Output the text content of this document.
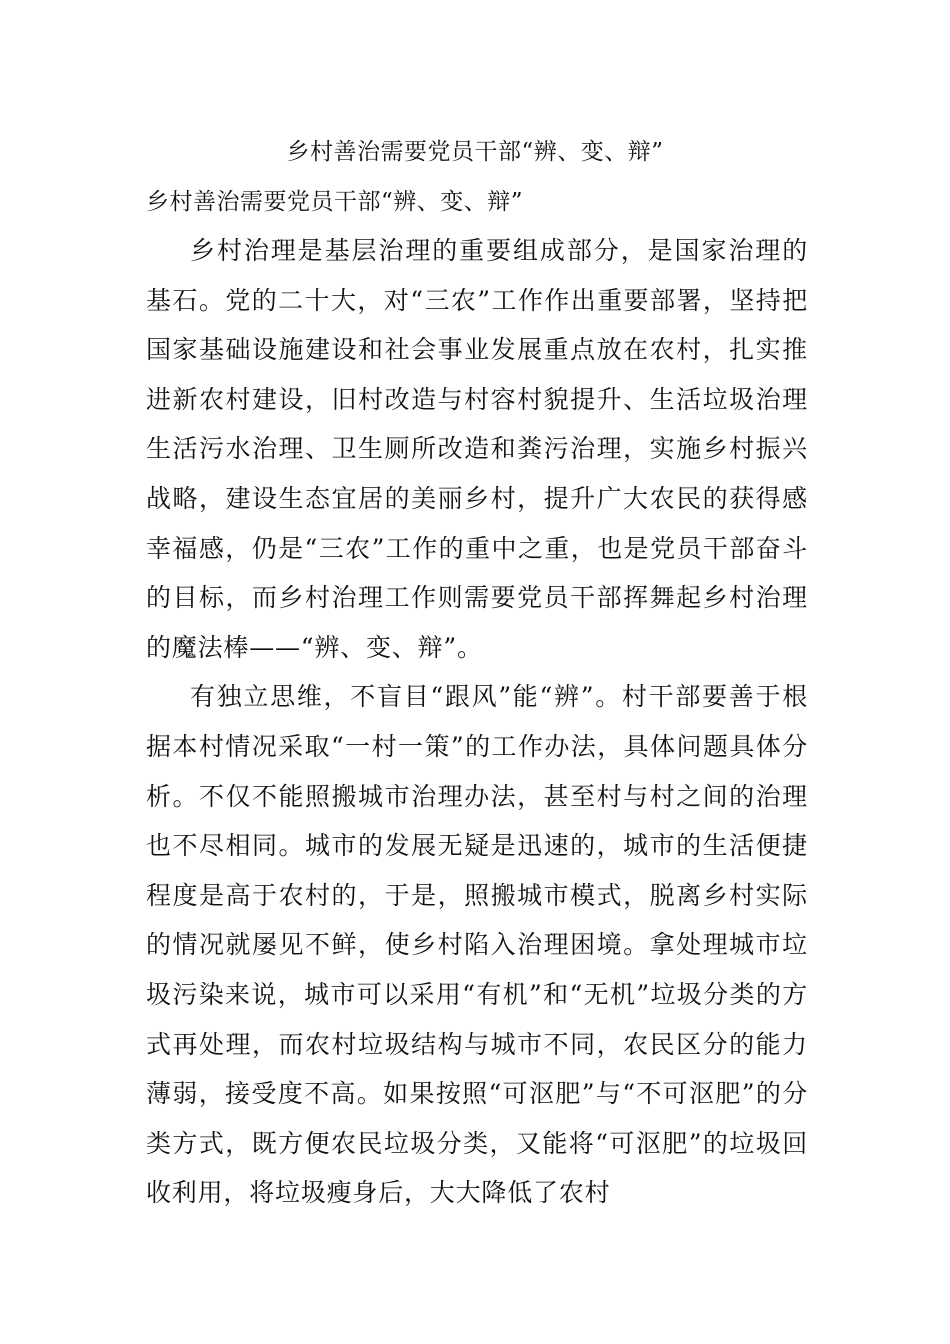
乡村善治需要党员干部“辨、变、辩”
乡村善治需要党员干部“辨、变、辩”

乡村治理是基层治理的重要组成部分，是国家治理的基石。党的二十大，对“三农”工作作出重要部署，坚持把国家基础设施建设和社会事业发展重点放在农村，扎实推进新农村建设，旧村改造与村容村貌提升、生活垃圾治理生活污水治理、卫生厕所改造和粪污治理，实施乡村振兴战略，建设生态宜居的美丽乡村，提升广大农民的获得感幸福感，仍是“三农”工作的重中之重，也是党员干部奋斗的目标，而乡村治理工作则需要党员干部挥舞起乡村治理的魔法棒——“辨、变、辩”。

有独立思维，不盲目“跟风”能“辨”。村干部要善于根据本村情况采取“一村一策”的工作办法，具体问题具体分析。不仅不能照搬城市治理办法，甚至村与村之间的治理也不尽相同。城市的发展无疑是迅速的，城市的生活便捷程度是高于农村的，于是，照搬城市模式，脱离乡村实际的情况就屡见不鲜，使乡村陷入治理困境。拿处理城市垃圾污染来说，城市可以采用“有机”和“无机”垃圾分类的方式再处理，而农村垃圾结构与城市不同，农民区分的能力薄弱，接受度不高。如果按照“可沤肥”与“不可沤肥”的分类方式，既方便农民垃圾分类，又能将“可沤肥”的垃圾回收利用，将垃圾瘦身后，大大降低了农村
